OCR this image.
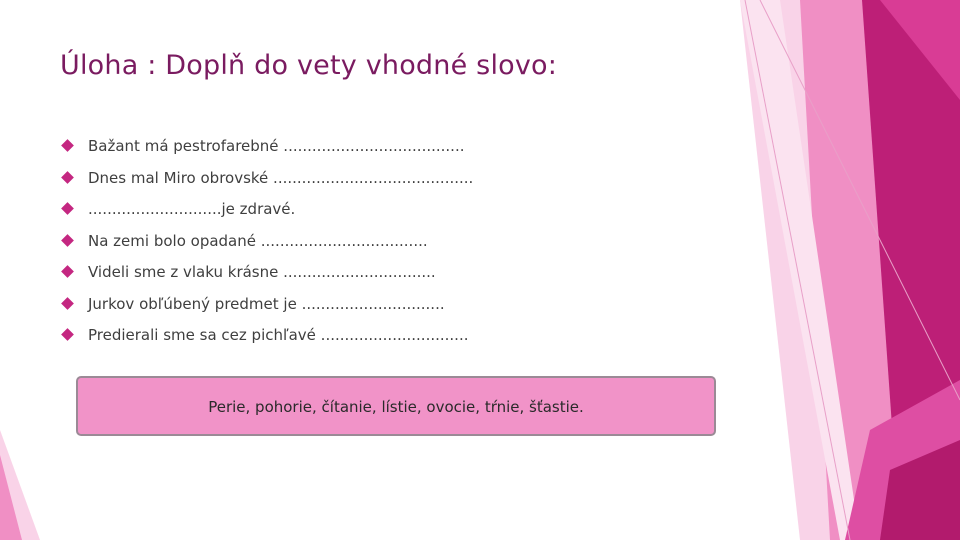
Úloha : Doplň do vety vhodné slovo:
Bažant má pestrofarebné ......................................
Dnes mal Miro obrovské ..........................................
............................je zdravé.
Na zemi bolo opadané ...................................
Videli sme z vlaku krásne ................................
Jurkov obľúbený predmet je ..............................
Predierali sme sa cez pichľavé ...............................
Perie, pohorie, čítanie, lístie, ovocie, tŕnie, šťastie.
